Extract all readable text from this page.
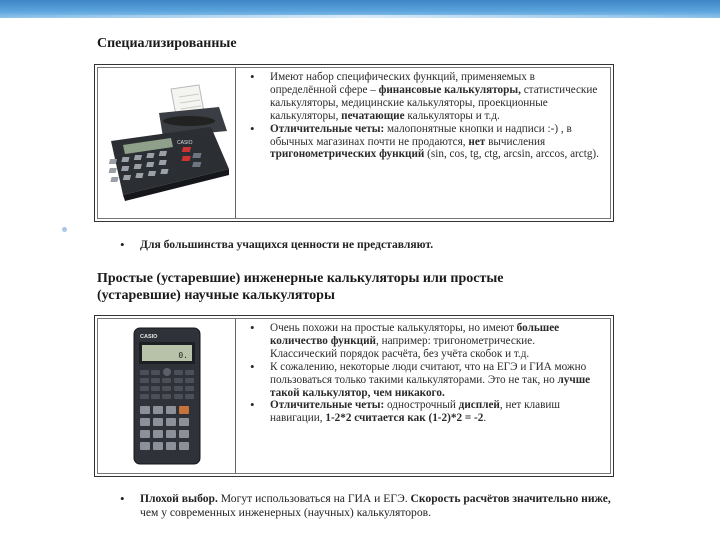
Специализированные
CASIO
• Имеют набор специфических функций, применяемых в определённой сфере – финансовые калькуляторы, статистические калькуляторы, медицинские калькуляторы, проекционные калькуляторы, печатающие калькуляторы и т.д.
• Отличительные четы: малопонятные кнопки и надписи :-) , в обычных магазинах почти не продаются, нет вычисления тригонометрических функций (sin, cos, tg, ctg, arcsin, arccos, arctg).
• Для большинства учащихся ценности не представляют.
Простые (устаревшие) инженерные калькуляторы или простые
(устаревшие) научные калькуляторы
CASIO
0.
• Очень похожи на простые калькуляторы, но имеют большее количество функций, например: тригонометрические. Классический порядок расчёта, без учёта скобок и т.д.
• К сожалению, некоторые люди считают, что на ЕГЭ и ГИА можно пользоваться только такими калькуляторами. Это не так, но лучше такой калькулятор, чем никакого.
• Отличительные четы: однострочный дисплей, нет клавиш навигации, 1-2*2 считается как (1-2)*2 = -2.
• Плохой выбор. Могут использоваться на ГИА и ЕГЭ. Скорость расчётов значительно ниже, чем у современных инженерных (научных) калькуляторов.
